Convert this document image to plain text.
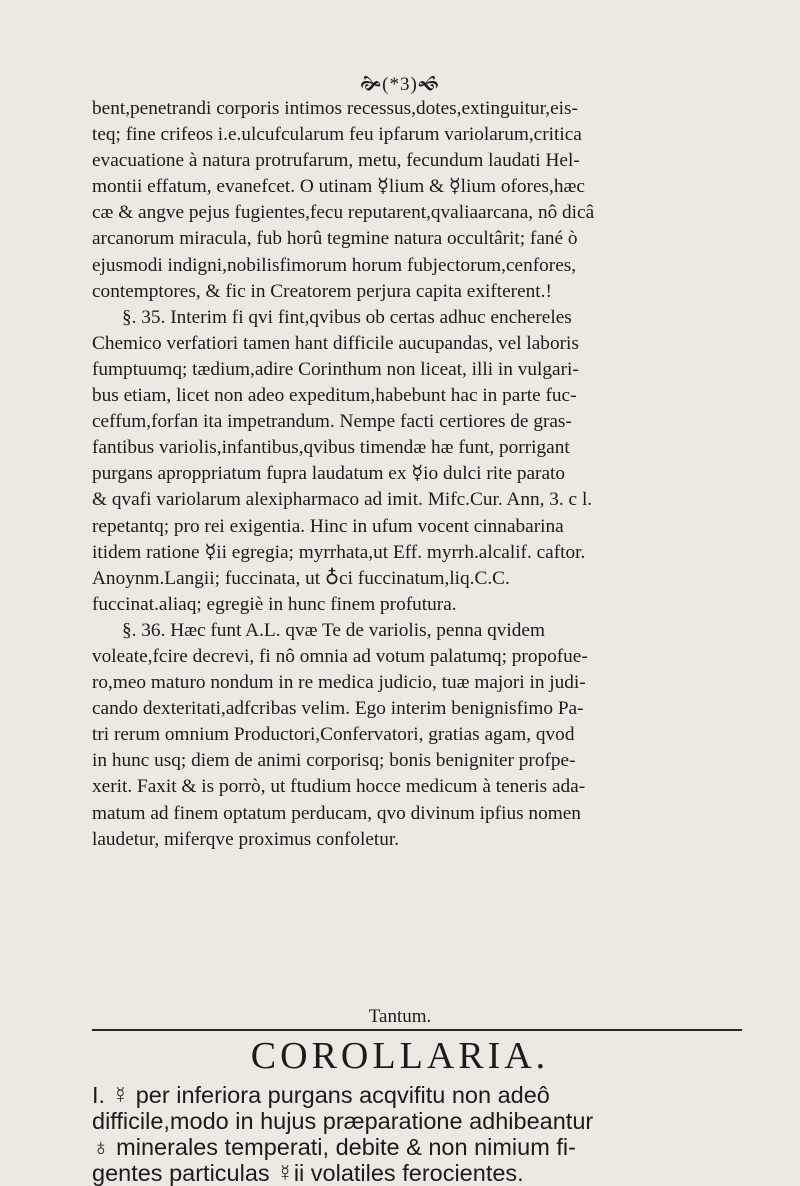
🙞(*3)🙜
bent,penetrandi corporis intimos recessus,dotes,extinguitur,eis-
teq; fine crifeos i.e.ulcufcularum feu ipfarum variolarum,critica
evacuatione à natura protrufarum, metu, fecundum laudati Hel-
montii effatum, evanefcet. O utinam ☿lium & ☿lium ofores,hæc
cæ & angve pejus fugientes,fecu reputarent,qvaliaarcana, nô dicâ
arcanorum miracula, fub horû tegmine natura occultârit; fané ò
ejusmodi indigni,nobilisfimorum horum fubjectorum,cenfores,
contemptores, & fic in Creatorem perjura capita exifterent.!
§. 35. Interim fi qvi fint,qvibus ob certas adhuc enchereles
Chemico verfatiori tamen hant difficile aucupandas, vel laboris
fumptuumq; tædium,adire Corinthum non liceat, illi in vulgari-
bus etiam, licet non adeo expeditum,habebunt hac in parte fuc-
ceffum,forfan ita impetrandum. Nempe facti certiores de gras-
fantibus variolis,infantibus,qvibus timendæ hæ funt, porrigant
purgans aproppriatum fupra laudatum ex ☿io dulci rite parato
& qvafi variolarum alexipharmaco ad imit. Mifc.Cur. Ann, 3. c l.
repetantq; pro rei exigentia. Hinc in ufum vocent cinnabarina
itidem ratione ☿ii egregia; myrrhata,ut Eff. myrrh.alcalif. caftor.
Anoynm.Langii; fuccinata, ut ♁ci fuccinatum,liq.C.C.
fuccinat.aliaq; egregiè in hunc finem profutura.
§. 36. Hæc funt A.L. qvæ Te de variolis, penna qvidem
voleate,fcire decrevi, fi nô omnia ad votum palatumq; propofue-
ro,meo maturo nondum in re medica judicio, tuæ majori in judi-
cando dexteritati,adfcribas velim. Ego interim benignisfimo Pa-
tri rerum omnium Productori,Confervatori, gratias agam, qvod
in hunc usq; diem de animi corporisq; bonis benigniter profpe-
xerit. Faxit & is porrò, ut ftudium hocce medicum à teneris ada-
matum ad finem optatum perducam, qvo divinum ipfius nomen
laudetur, miferqve proximus confoletur.
Tantum.
COROLLARIA.
I. ☿ per inferiora purgans acqvifitu non adeô
difficile,modo in hujus præparatione adhibeantur
♁ minerales temperati, debite & non nimium fi-
gentes particulas ☿ii volatiles ferocientes.
